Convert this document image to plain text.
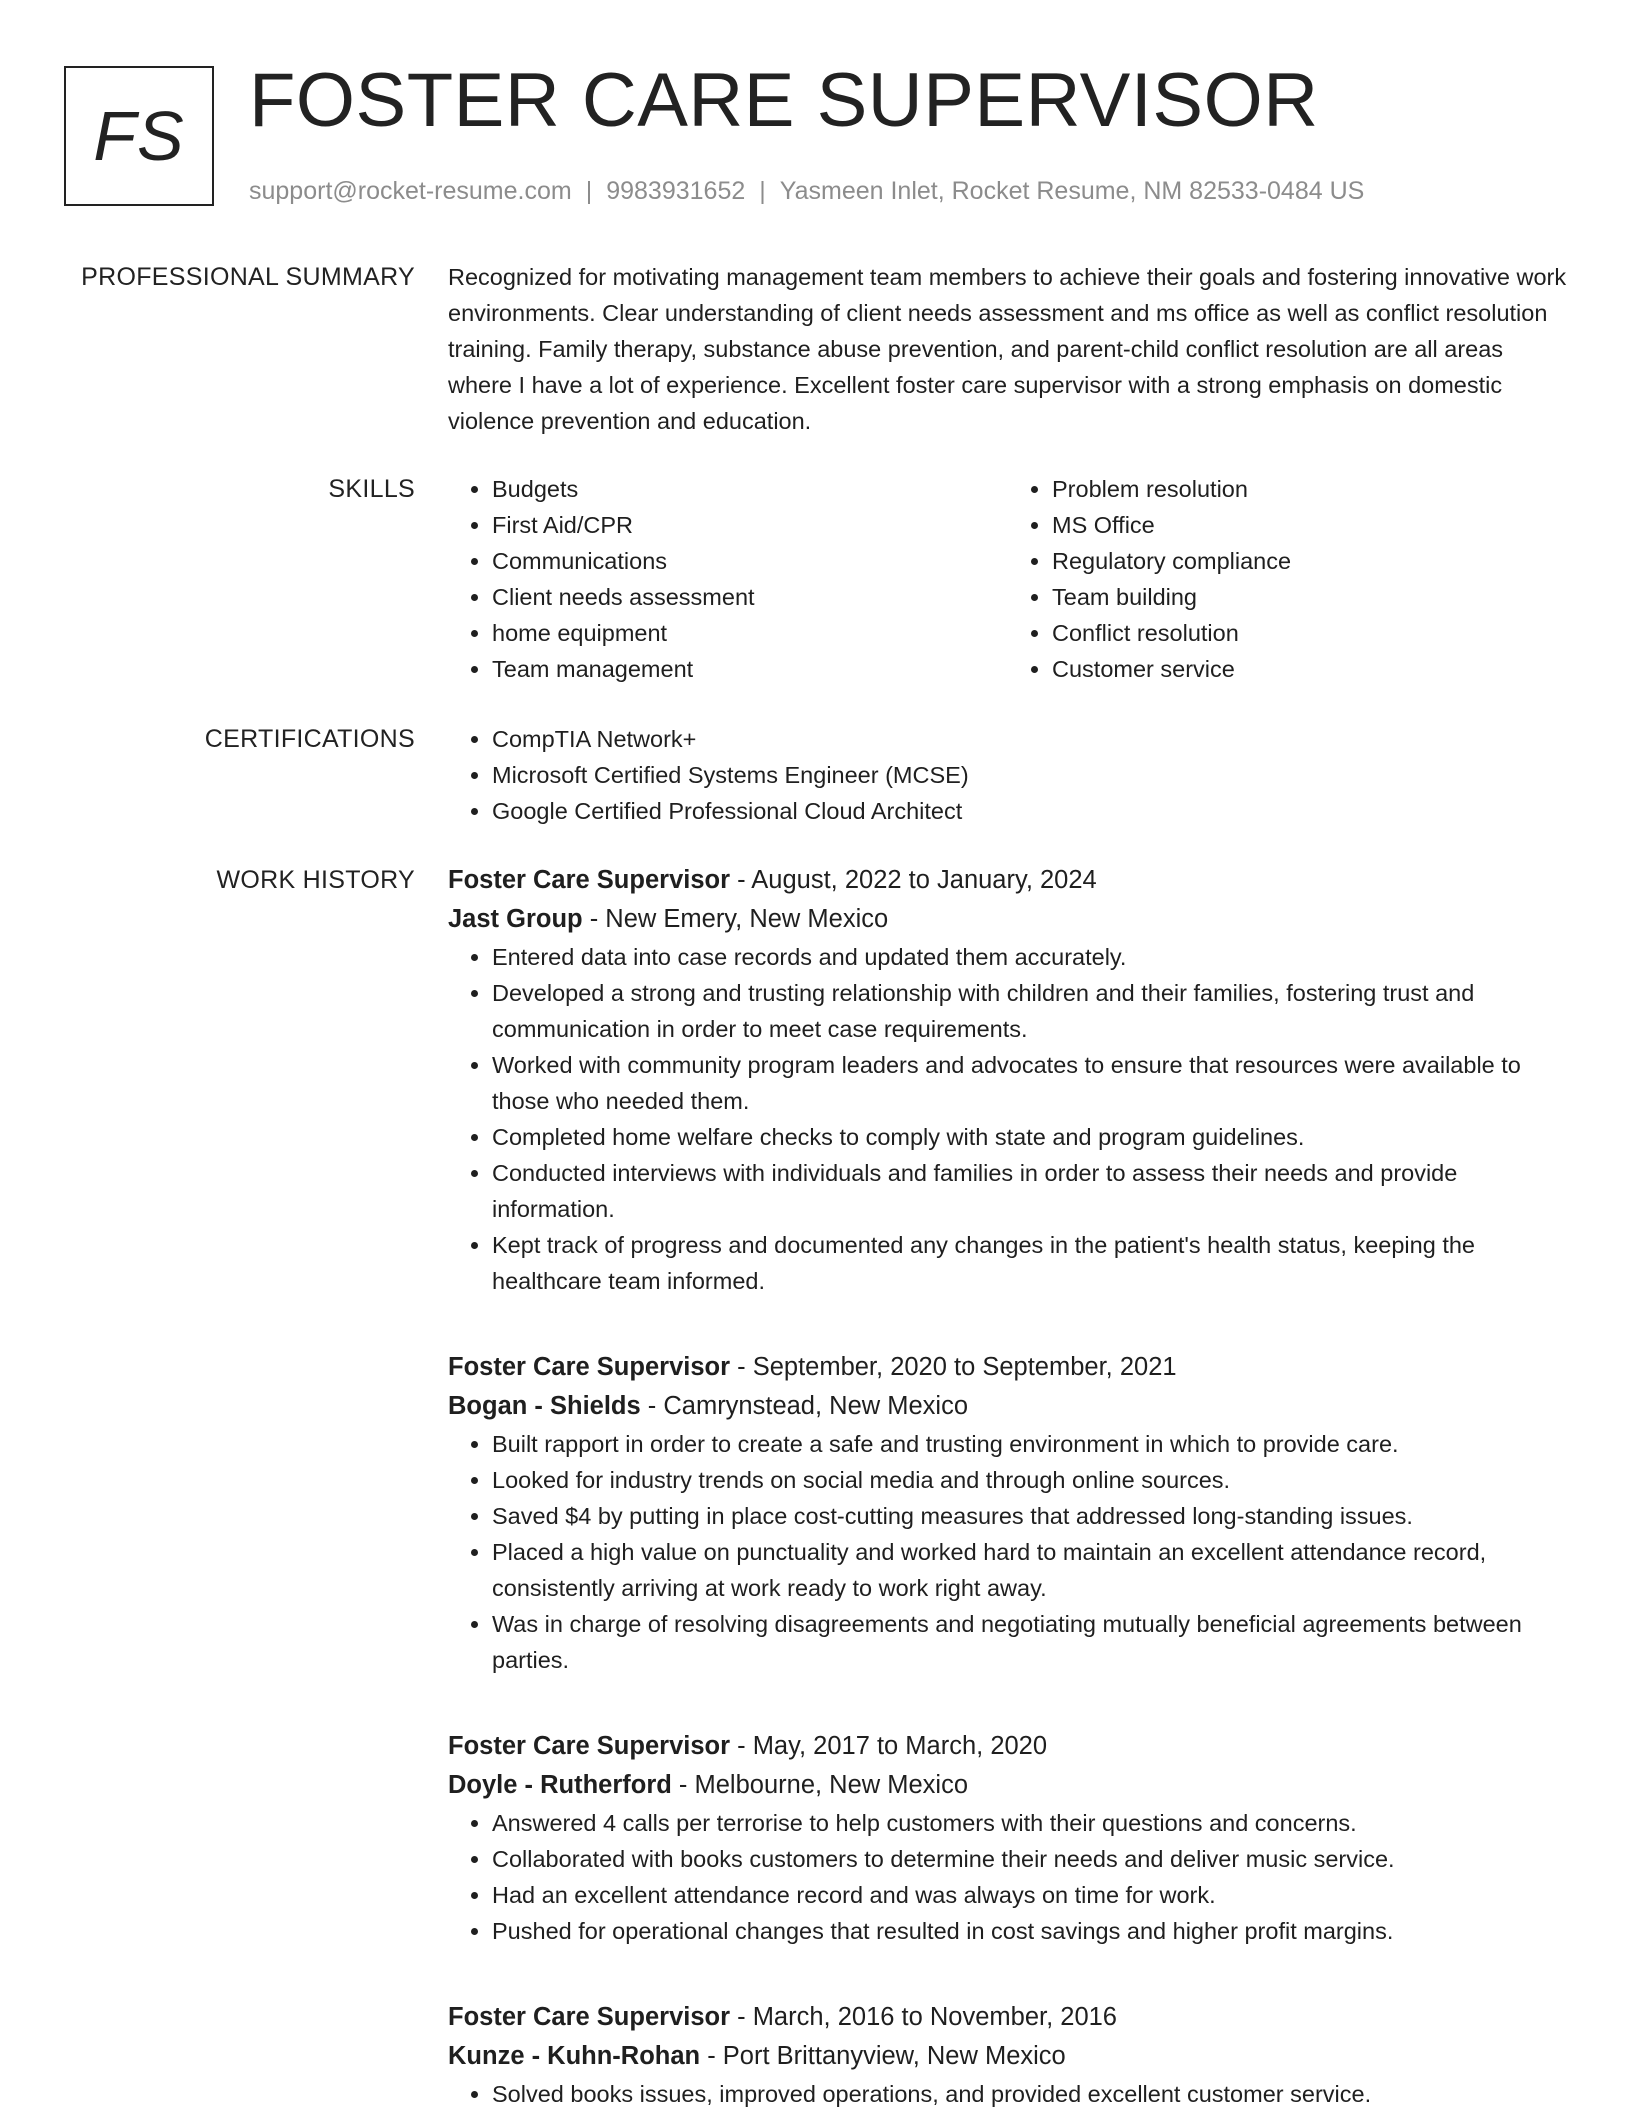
FS FOSTER CARE SUPERVISOR
support@rocket-resume.com | 9983931652 | Yasmeen Inlet, Rocket Resume, NM 82533-0484 US
PROFESSIONAL SUMMARY Recognized for motivating management team members to achieve their goals and fostering innovative work environments. Clear understanding of client needs assessment and ms office as well as conflict resolution training. Family therapy, substance abuse prevention, and parent-child conflict resolution are all areas where I have a lot of experience. Excellent foster care supervisor with a strong emphasis on domestic violence prevention and education.
SKILLS	• Budgets
• First Aid/CPR
• Communications
• Client needs assessment
• home equipment
• Team management
• Problem resolution
• MS Office
• Regulatory compliance
• Team building
• Conflict resolution
• Customer service
CERTIFICATIONS	• CompTIA Network+
• Microsoft Certified Systems Engineer (MCSE)
• Google Certified Professional Cloud Architect
WORK HISTORY Foster Care Supervisor - August, 2022 to January, 2024
Jast Group - New Emery, New Mexico
• Entered data into case records and updated them accurately.
• Developed a strong and trusting relationship with children and their families, fostering trust and communication in order to meet case requirements.
• Worked with community program leaders and advocates to ensure that resources were available to those who needed them.
• Completed home welfare checks to comply with state and program guidelines.
• Conducted interviews with individuals and families in order to assess their needs and provide information.
• Kept track of progress and documented any changes in the patient's health status, keeping the healthcare team informed.
Foster Care Supervisor - September, 2020 to September, 2021
Bogan - Shields - Camrynstead, New Mexico
• Built rapport in order to create a safe and trusting environment in which to provide care.
• Looked for industry trends on social media and through online sources.
• Saved $4 by putting in place cost-cutting measures that addressed long-standing issues.
• Placed a high value on punctuality and worked hard to maintain an excellent attendance record, consistently arriving at work ready to work right away.
• Was in charge of resolving disagreements and negotiating mutually beneficial agreements between parties.
Foster Care Supervisor - May, 2017 to March, 2020
Doyle - Rutherford - Melbourne, New Mexico
• Answered 4 calls per terrorise to help customers with their questions and concerns.
• Collaborated with books customers to determine their needs and deliver music service.
• Had an excellent attendance record and was always on time for work.
• Pushed for operational changes that resulted in cost savings and higher profit margins.
Foster Care Supervisor - March, 2016 to November, 2016
Kunze - Kuhn-Rohan - Port Brittanyview, New Mexico
• Solved books issues, improved operations, and provided excellent customer service.
